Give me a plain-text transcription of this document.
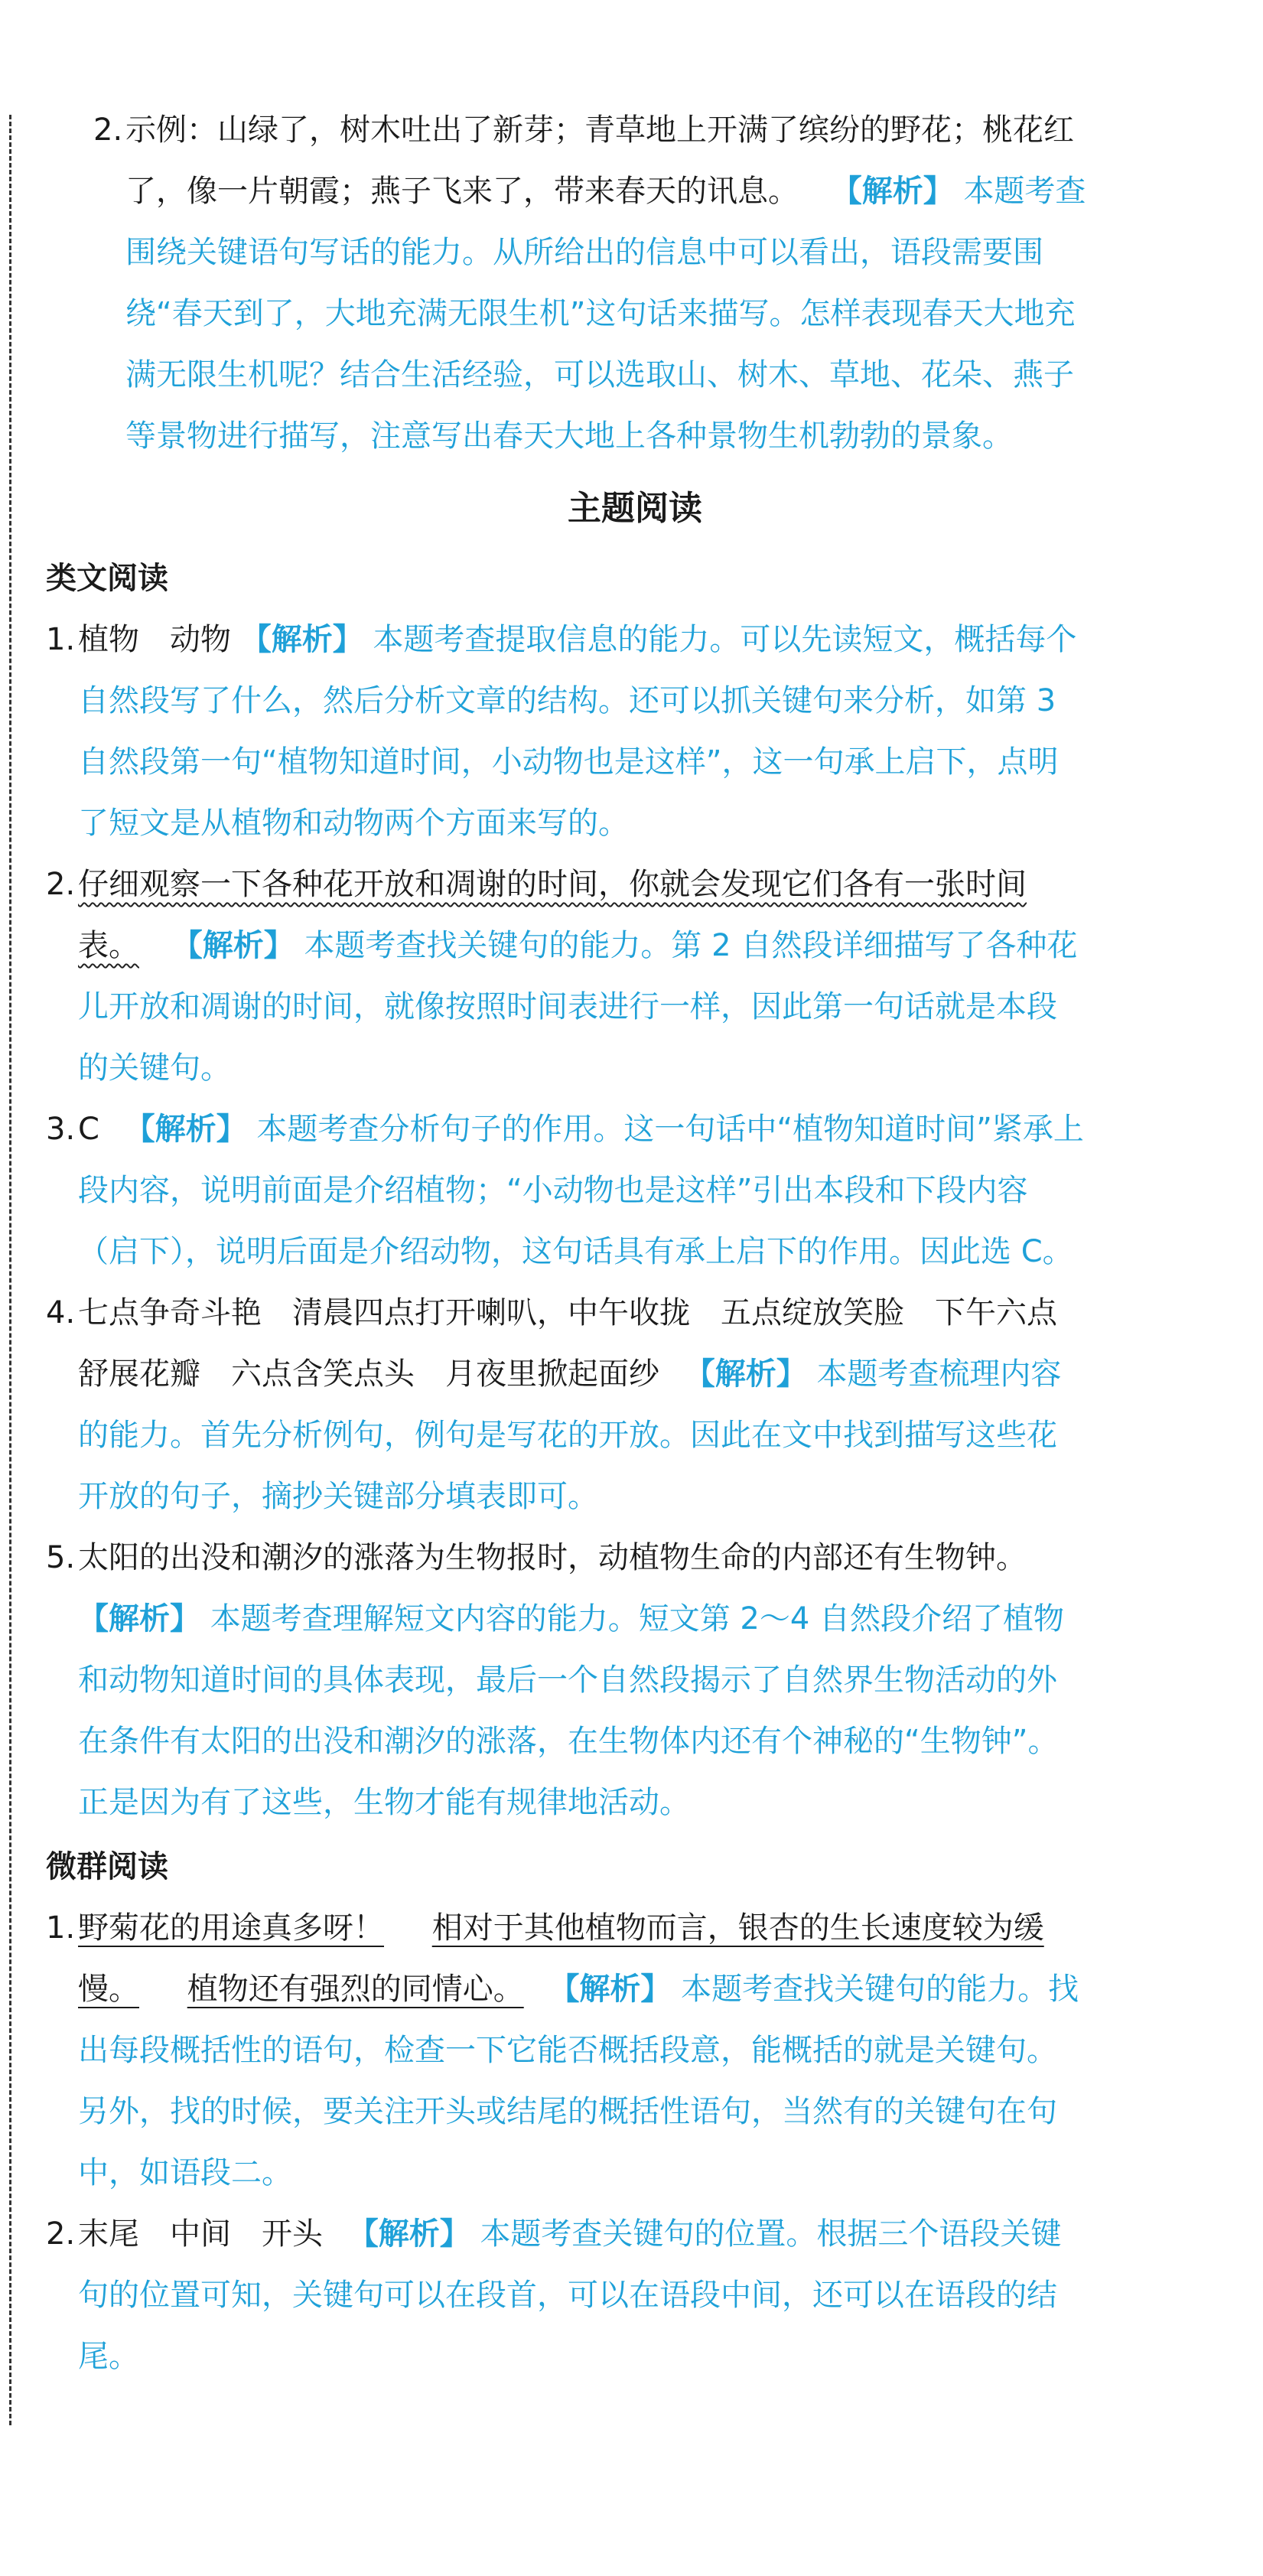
2. 示例：山绿了，树木吐出了新芽；青草地上开满了缤纷的野花；桃花红了，像一片朝霞；燕子飞来了，带来春天的讯息。 【解析】 本题考查围绕关键语句写话的能力。从所给出的信息中可以看出，语段需要围绕“春天到了，大地充满无限生机”这句话来描写。怎样表现春天大地充满无限生机呢？结合生活经验，可以选取山、树木、草地、花朵、燕子等景物进行描写，注意写出春天大地上各种景物生机勃勃的景象。

主题阅读
类文阅读

1. 植物　动物 【解析】 本题考查提取信息的能力。可以先读短文，概括每个自然段写了什么，然后分析文章的结构。还可以抓关键句来分析，如第 3 自然段第一句“植物知道时间，小动物也是这样”，这一句承上启下，点明了短文是从植物和动物两个方面来写的。

2. 仔细观察一下各种花开放和凋谢的时间，你就会发现它们各有一张时间表。 【解析】 本题考查找关键句的能力。第 2 自然段详细描写了各种花儿开放和凋谢的时间，就像按照时间表进行一样，因此第一句话就是本段的关键句。

3. C 【解析】 本题考查分析句子的作用。这一句话中“植物知道时间”紧承上段内容，说明前面是介绍植物；“小动物也是这样”引出本段和下段内容（启下），说明后面是介绍动物，这句话具有承上启下的作用。因此选 C。

4. 七点争奇斗艳　清晨四点打开喇叭，中午收拢　五点绽放笑脸　下午六点舒展花瓣　六点含笑点头　月夜里掀起面纱 【解析】 本题考查梳理内容的能力。首先分析例句，例句是写花的开放。因此在文中找到描写这些花开放的句子，摘抄关键部分填表即可。

5. 太阳的出没和潮汐的涨落为生物报时，动植物生命的内部还有生物钟。 【解析】 本题考查理解短文内容的能力。短文第 2～4 自然段介绍了植物和动物知道时间的具体表现，最后一个自然段揭示了自然界生物活动的外在条件有太阳的出没和潮汐的涨落，在生物体内还有个神秘的“生物钟”。正是因为有了这些，生物才能有规律地活动。

微群阅读

1. 野菊花的用途真多呀！ 相对于其他植物而言，银杏的生长速度较为缓慢。 植物还有强烈的同情心。 【解析】 本题考查找关键句的能力。找出每段概括性的语句，检查一下它能否概括段意，能概括的就是关键句。另外，找的时候，要关注开头或结尾的概括性语句，当然有的关键句在句中，如语段二。

2. 末尾　中间　开头 【解析】 本题考查关键句的位置。根据三个语段关键句的位置可知，关键句可以在段首，可以在语段中间，还可以在语段的结尾。
